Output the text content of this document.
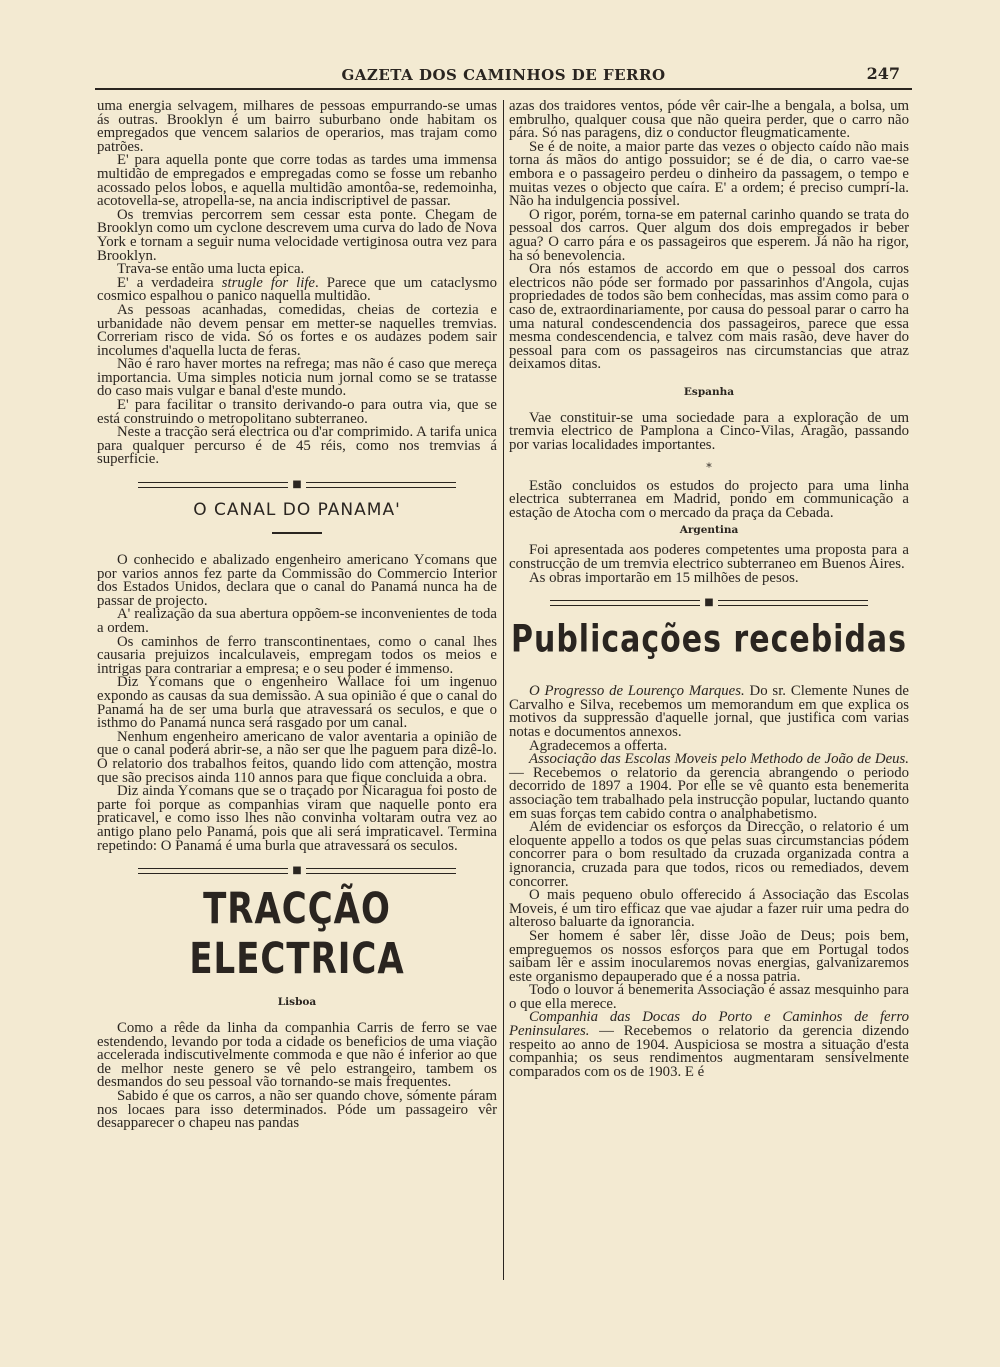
GAZETA DOS CAMINHOS DE FERRO	247

uma energia selvagem, milhares de pessoas empurrando-se umas ás outras. Brooklyn é um bairro suburbano onde habitam os empregados que vencem salarios de operarios, mas trajam como patrões.

E' para aquella ponte que corre todas as tardes uma immensa multidão de empregados e empregadas como se fosse um rebanho acossado pelos lobos, e aquella multidão amontôa-se, redemoinha, acotovella-se, atropella-se, na ancia indiscriptivel de passar.

Os tremvias percorrem sem cessar esta ponte. Chegam de Brooklyn como um cyclone descrevem uma curva do lado de Nova York e tornam a seguir numa velocidade vertiginosa outra vez para Brooklyn.

Trava-se então uma lucta epica.

E' a verdadeira strugle for life. Parece que um cataclysmo cosmico espalhou o panico naquella multidão.

As pessoas acanhadas, comedidas, cheias de cortezia e urbanidade não devem pensar em metter-se naquelles tremvias. Correriam risco de vida. Só os fortes e os audazes podem sair incolumes d'aquella lucta de feras.

Não é raro haver mortes na refrega; mas não é caso que mereça importancia. Uma simples noticia num jornal como se se tratasse do caso mais vulgar e banal d'este mundo.

E' para facilitar o transito derivando-o para outra via, que se está construindo o metropolitano subterraneo.

Neste a tracção será electrica ou d'ar comprimido. A tarifa unica para qualquer percurso é de 45 réis, como nos tremvias á superficie.

■
O CANAL DO PANAMA'

O conhecido e abalizado engenheiro americano Ycomans que por varios annos fez parte da Commissão do Commercio Interior dos Estados Unidos, declara que o canal do Panamá nunca ha de passar de projecto.

A' realização da sua abertura oppõem-se inconvenientes de toda a ordem.

Os caminhos de ferro transcontinentaes, como o canal lhes causaria prejuizos incalculaveis, empregam todos os meios e intrigas para contrariar a empresa; e o seu poder é immenso.

Diz Ycomans que o engenheiro Wallace foi um ingenuo expondo as causas da sua demissão. A sua opinião é que o canal do Panamá ha de ser uma burla que atravessará os seculos, e que o isthmo do Panamá nunca será rasgado por um canal.

Nenhum engenheiro americano de valor aventaria a opinião de que o canal poderá abrir-se, a não ser que lhe paguem para dizê-lo. O relatorio dos trabalhos feitos, quando lido com attenção, mostra que são precisos ainda 110 annos para que fique concluida a obra.

Diz ainda Ycomans que se o traçado por Nicaragua foi posto de parte foi porque as companhias viram que naquelle ponto era praticavel, e como isso lhes não convinha voltaram outra vez ao antigo plano pelo Panamá, pois que ali será impraticavel. Termina repetindo: O Panamá é uma burla que atravessará os seculos.

■
TRACÇÃO ELECTRICA
Lisboa

Como a rêde da linha da companhia Carris de ferro se vae estendendo, levando por toda a cidade os beneficios de uma viação accelerada indiscutivelmente commoda e que não é inferior ao que de melhor neste genero se vê pelo estrangeiro, tambem os desmandos do seu pessoal vão tornando-se mais frequentes.

Sabido é que os carros, a não ser quando chove, sómente páram nos locaes para isso determinados. Póde um passageiro vêr desapparecer o chapeu nas pandas

azas dos traidores ventos, póde vêr cair-lhe a bengala, a bolsa, um embrulho, qualquer cousa que não queira perder, que o carro não pára. Só nas paragens, diz o conductor fleugmaticamente.

Se é de noite, a maior parte das vezes o objecto caído não mais torna ás mãos do antigo possuidor; se é de dia, o carro vae-se embora e o passageiro perdeu o dinheiro da passagem, o tempo e muitas vezes o objecto que caíra. E' a ordem; é preciso cumprí-la. Não ha indulgencia possivel.

O rigor, porém, torna-se em paternal carinho quando se trata do pessoal dos carros. Quer algum dos dois empregados ir beber agua? O carro pára e os passageiros que esperem. Já não ha rigor, ha só benevolencia.

Ora nós estamos de accordo em que o pessoal dos carros electricos não póde ser formado por passarinhos d'Angola, cujas propriedades de todos são bem conhecidas, mas assim como para o caso de, extraordinariamente, por causa do pessoal parar o carro ha uma natural condescendencia dos passageiros, parece que essa mesma condescendencia, e talvez com mais rasão, deve haver do pessoal para com os passageiros nas circumstancias que atraz deixamos ditas.

Espanha

Vae constituir-se uma sociedade para a exploração de um tremvia electrico de Pamplona a Cinco-Vilas, Aragão, passando por varias localidades importantes.

*

Estão concluidos os estudos do projecto para uma linha electrica subterranea em Madrid, pondo em communicação a estação de Atocha com o mercado da praça da Cebada.

Argentina

Foi apresentada aos poderes competentes uma proposta para a construcção de um tremvia electrico subterraneo em Buenos Aires.

As obras importarão em 15 milhões de pesos.

■
Publicações recebidas

O Progresso de Lourenço Marques. Do sr. Clemente Nunes de Carvalho e Silva, recebemos um memorandum em que explica os motivos da suppressão d'aquelle jornal, que justifica com varias notas e documentos annexos.

Agradecemos a offerta.

Associação das Escolas Moveis pelo Methodo de João de Deus. — Recebemos o relatorio da gerencia abrangendo o periodo decorrido de 1897 a 1904. Por elle se vê quanto esta benemerita associação tem trabalhado pela instrucção popular, luctando quanto em suas forças tem cabido contra o analphabetismo.

Além de evidenciar os esforços da Direcção, o relatorio é um eloquente appello a todos os que pelas suas circumstancias pódem concorrer para o bom resultado da cruzada organizada contra a ignorancia, cruzada para que todos, ricos ou remediados, devem concorrer.

O mais pequeno obulo offerecido á Associação das Escolas Moveis, é um tiro efficaz que vae ajudar a fazer ruir uma pedra do alteroso baluarte da ignorancia.

Ser homem é saber lêr, disse João de Deus; pois bem, empreguemos os nossos esforços para que em Portugal todos saibam lêr e assim inocularemos novas energias, galvanizaremos este organismo depauperado que é a nossa patria.

Todo o louvor á benemerita Associação é assaz mesquinho para o que ella merece.

Companhia das Docas do Porto e Caminhos de ferro Peninsulares. — Recebemos o relatorio da gerencia dizendo respeito ao anno de 1904. Auspiciosa se mostra a situação d'esta companhia; os seus rendimentos augmentaram sensivelmente comparados com os de 1903. E é
